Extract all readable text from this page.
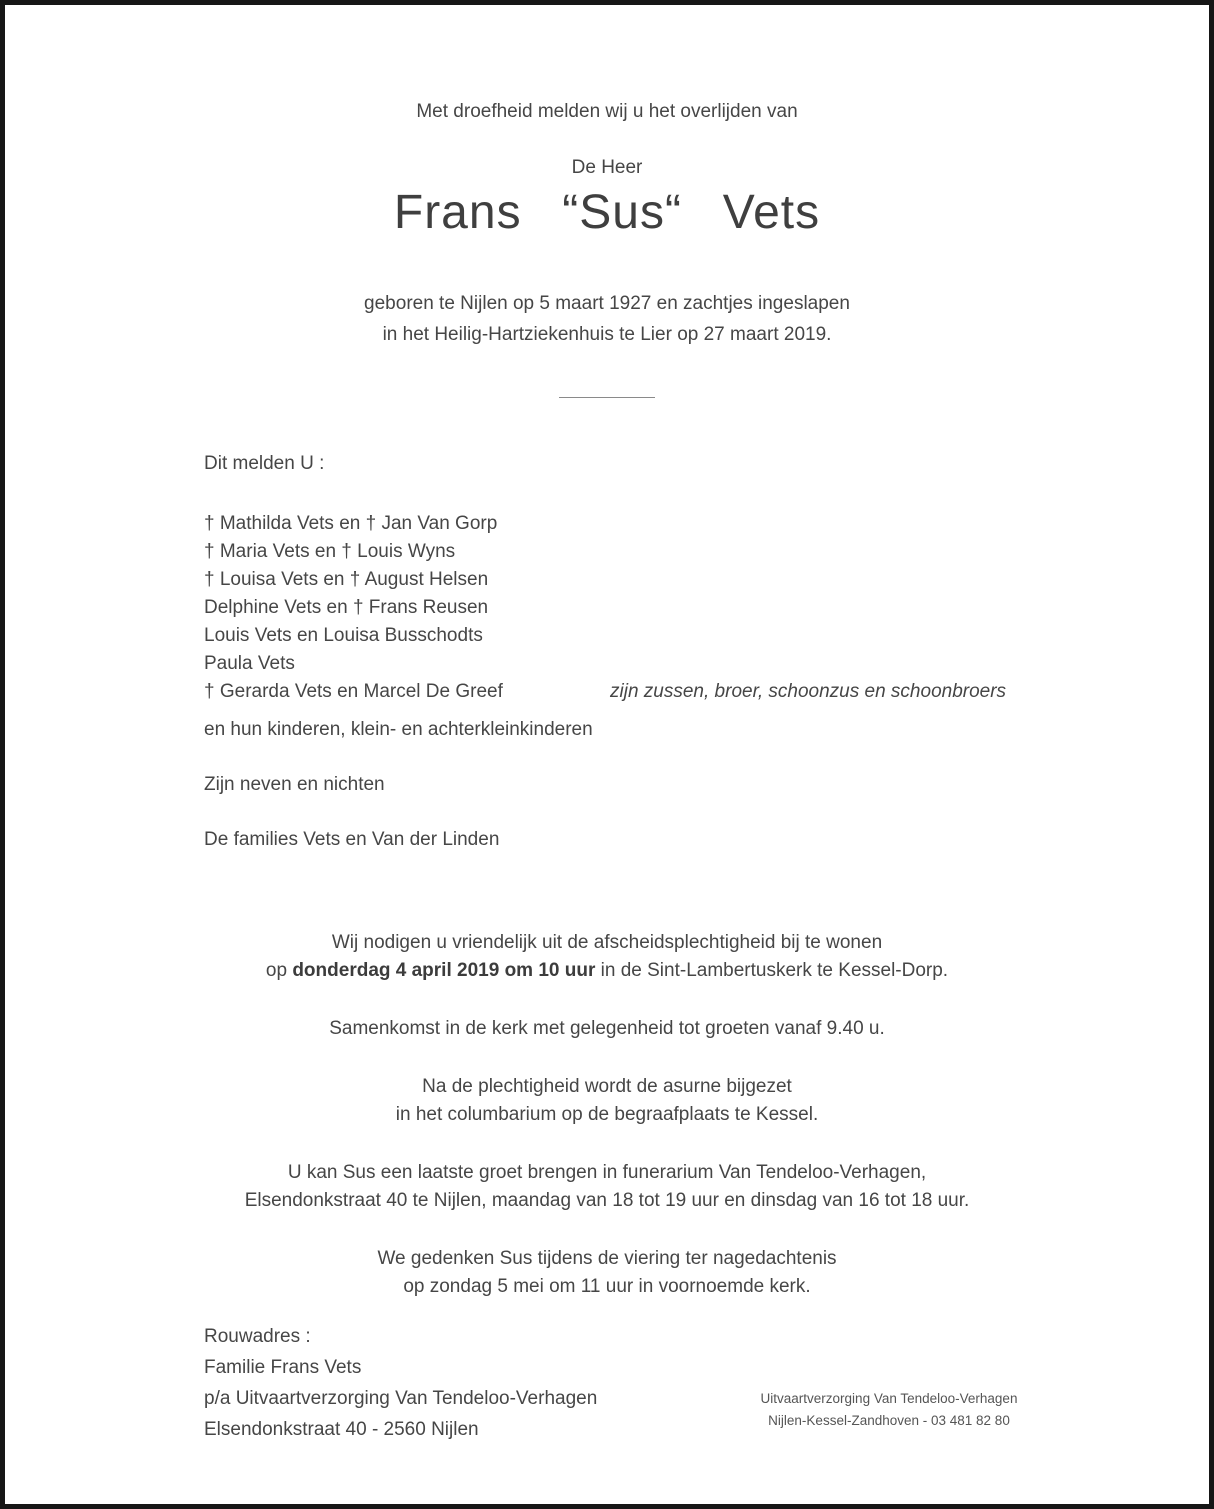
Met droefheid melden wij u het overlijden van
De Heer
Frans “Sus“ Vets
geboren te Nijlen op 5 maart 1927 en zachtjes ingeslapen
in het Heilig-Hartziekenhuis te Lier op 27 maart 2019.
Dit melden U :
† Mathilda Vets en † Jan Van Gorp
† Maria Vets en † Louis Wyns
† Louisa Vets en † August Helsen
Delphine Vets en † Frans Reusen
Louis Vets en Louisa Busschodts
Paula Vets
† Gerarda Vets en Marcel De Greef	zijn zussen, broer, schoonzus en schoonbroers
en hun kinderen, klein- en achterkleinkinderen
Zijn neven en nichten
De families Vets en Van der Linden

Wij nodigen u vriendelijk uit de afscheidsplechtigheid bij te wonen
op donderdag 4 april 2019 om 10 uur in de Sint-Lambertuskerk te Kessel-Dorp.

Samenkomst in de kerk met gelegenheid tot groeten vanaf 9.40 u.

Na de plechtigheid wordt de asurne bijgezet
in het columbarium op de begraafplaats te Kessel.

U kan Sus een laatste groet brengen in funerarium Van Tendeloo-Verhagen,
Elsendonkstraat 40 te Nijlen, maandag van 18 tot 19 uur en dinsdag van 16 tot 18 uur.

We gedenken Sus tijdens de viering ter nagedachtenis
op zondag 5 mei om 11 uur in voornoemde kerk.

Rouwadres :
Familie Frans Vets
p/a Uitvaartverzorging Van Tendeloo-Verhagen
Elsendonkstraat 40 - 2560 Nijlen
Uitvaartverzorging Van Tendeloo-Verhagen
Nijlen-Kessel-Zandhoven - 03 481 82 80
